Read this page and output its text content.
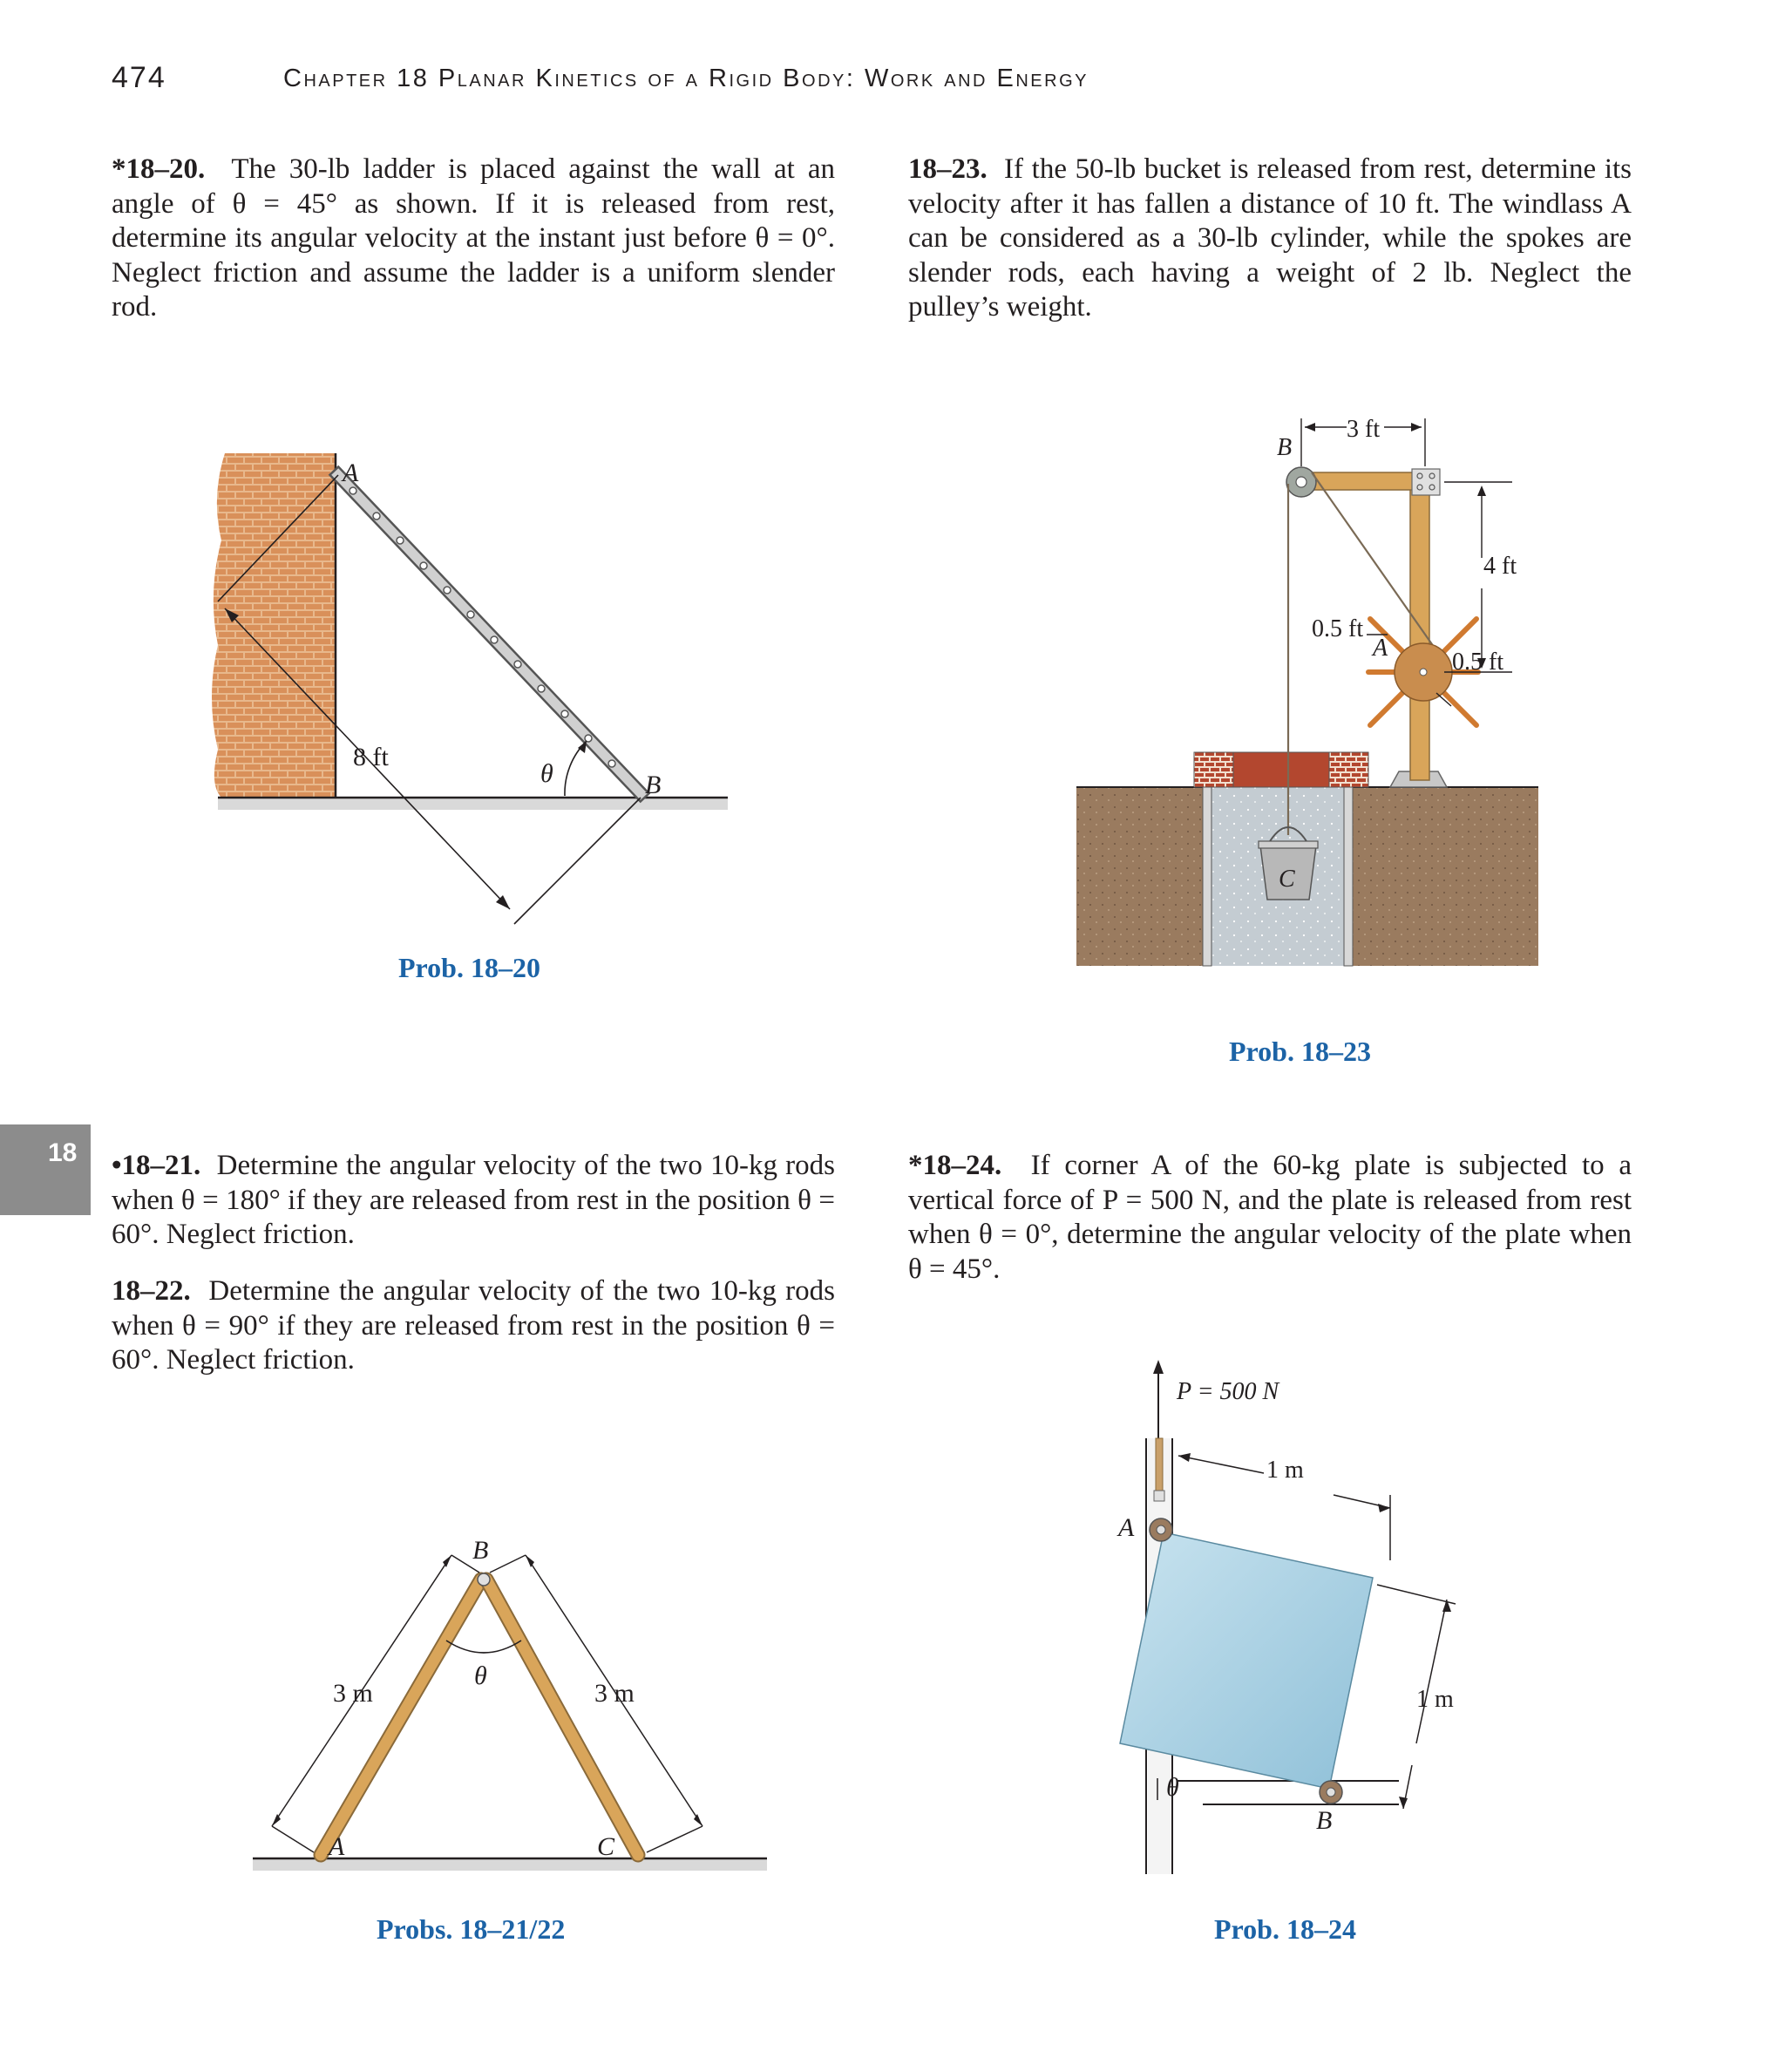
474	Chapter 18 Planar Kinetics of a Rigid Body: Work and Energy
18
*18–20. The 30-lb ladder is placed against the wall at an angle of θ = 45° as shown. If it is released from rest, determine its angular velocity at the instant just before θ = 0°. Neglect friction and assume the ladder is a uniform slender rod.
18–23. If the 50-lb bucket is released from rest, determine its velocity after it has fallen a distance of 10 ft. The windlass A can be considered as a 30-lb cylinder, while the spokes are slender rods, each having a weight of 2 lb. Neglect the pulley’s weight.
•18–21. Determine the angular velocity of the two 10-kg rods when θ = 180° if they are released from rest in the position θ = 60°. Neglect friction.
18–22. Determine the angular velocity of the two 10-kg rods when θ = 90° if they are released from rest in the position θ = 60°. Neglect friction.
*18–24. If corner A of the 60-kg plate is subjected to a vertical force of P = 500 N, and the plate is released from rest when θ = 0°, determine the angular velocity of the plate when θ = 45°.
A
B
8 ft
θ
Prob. 18–20
3 ft
B
4 ft
0.5 ft
A
0.5 ft
C
Prob. 18–23
B
A	C
3 m	3 m
θ
Probs. 18–21/22
P = 500 N
1 m
1 m
A
B
θ
Prob. 18–24
